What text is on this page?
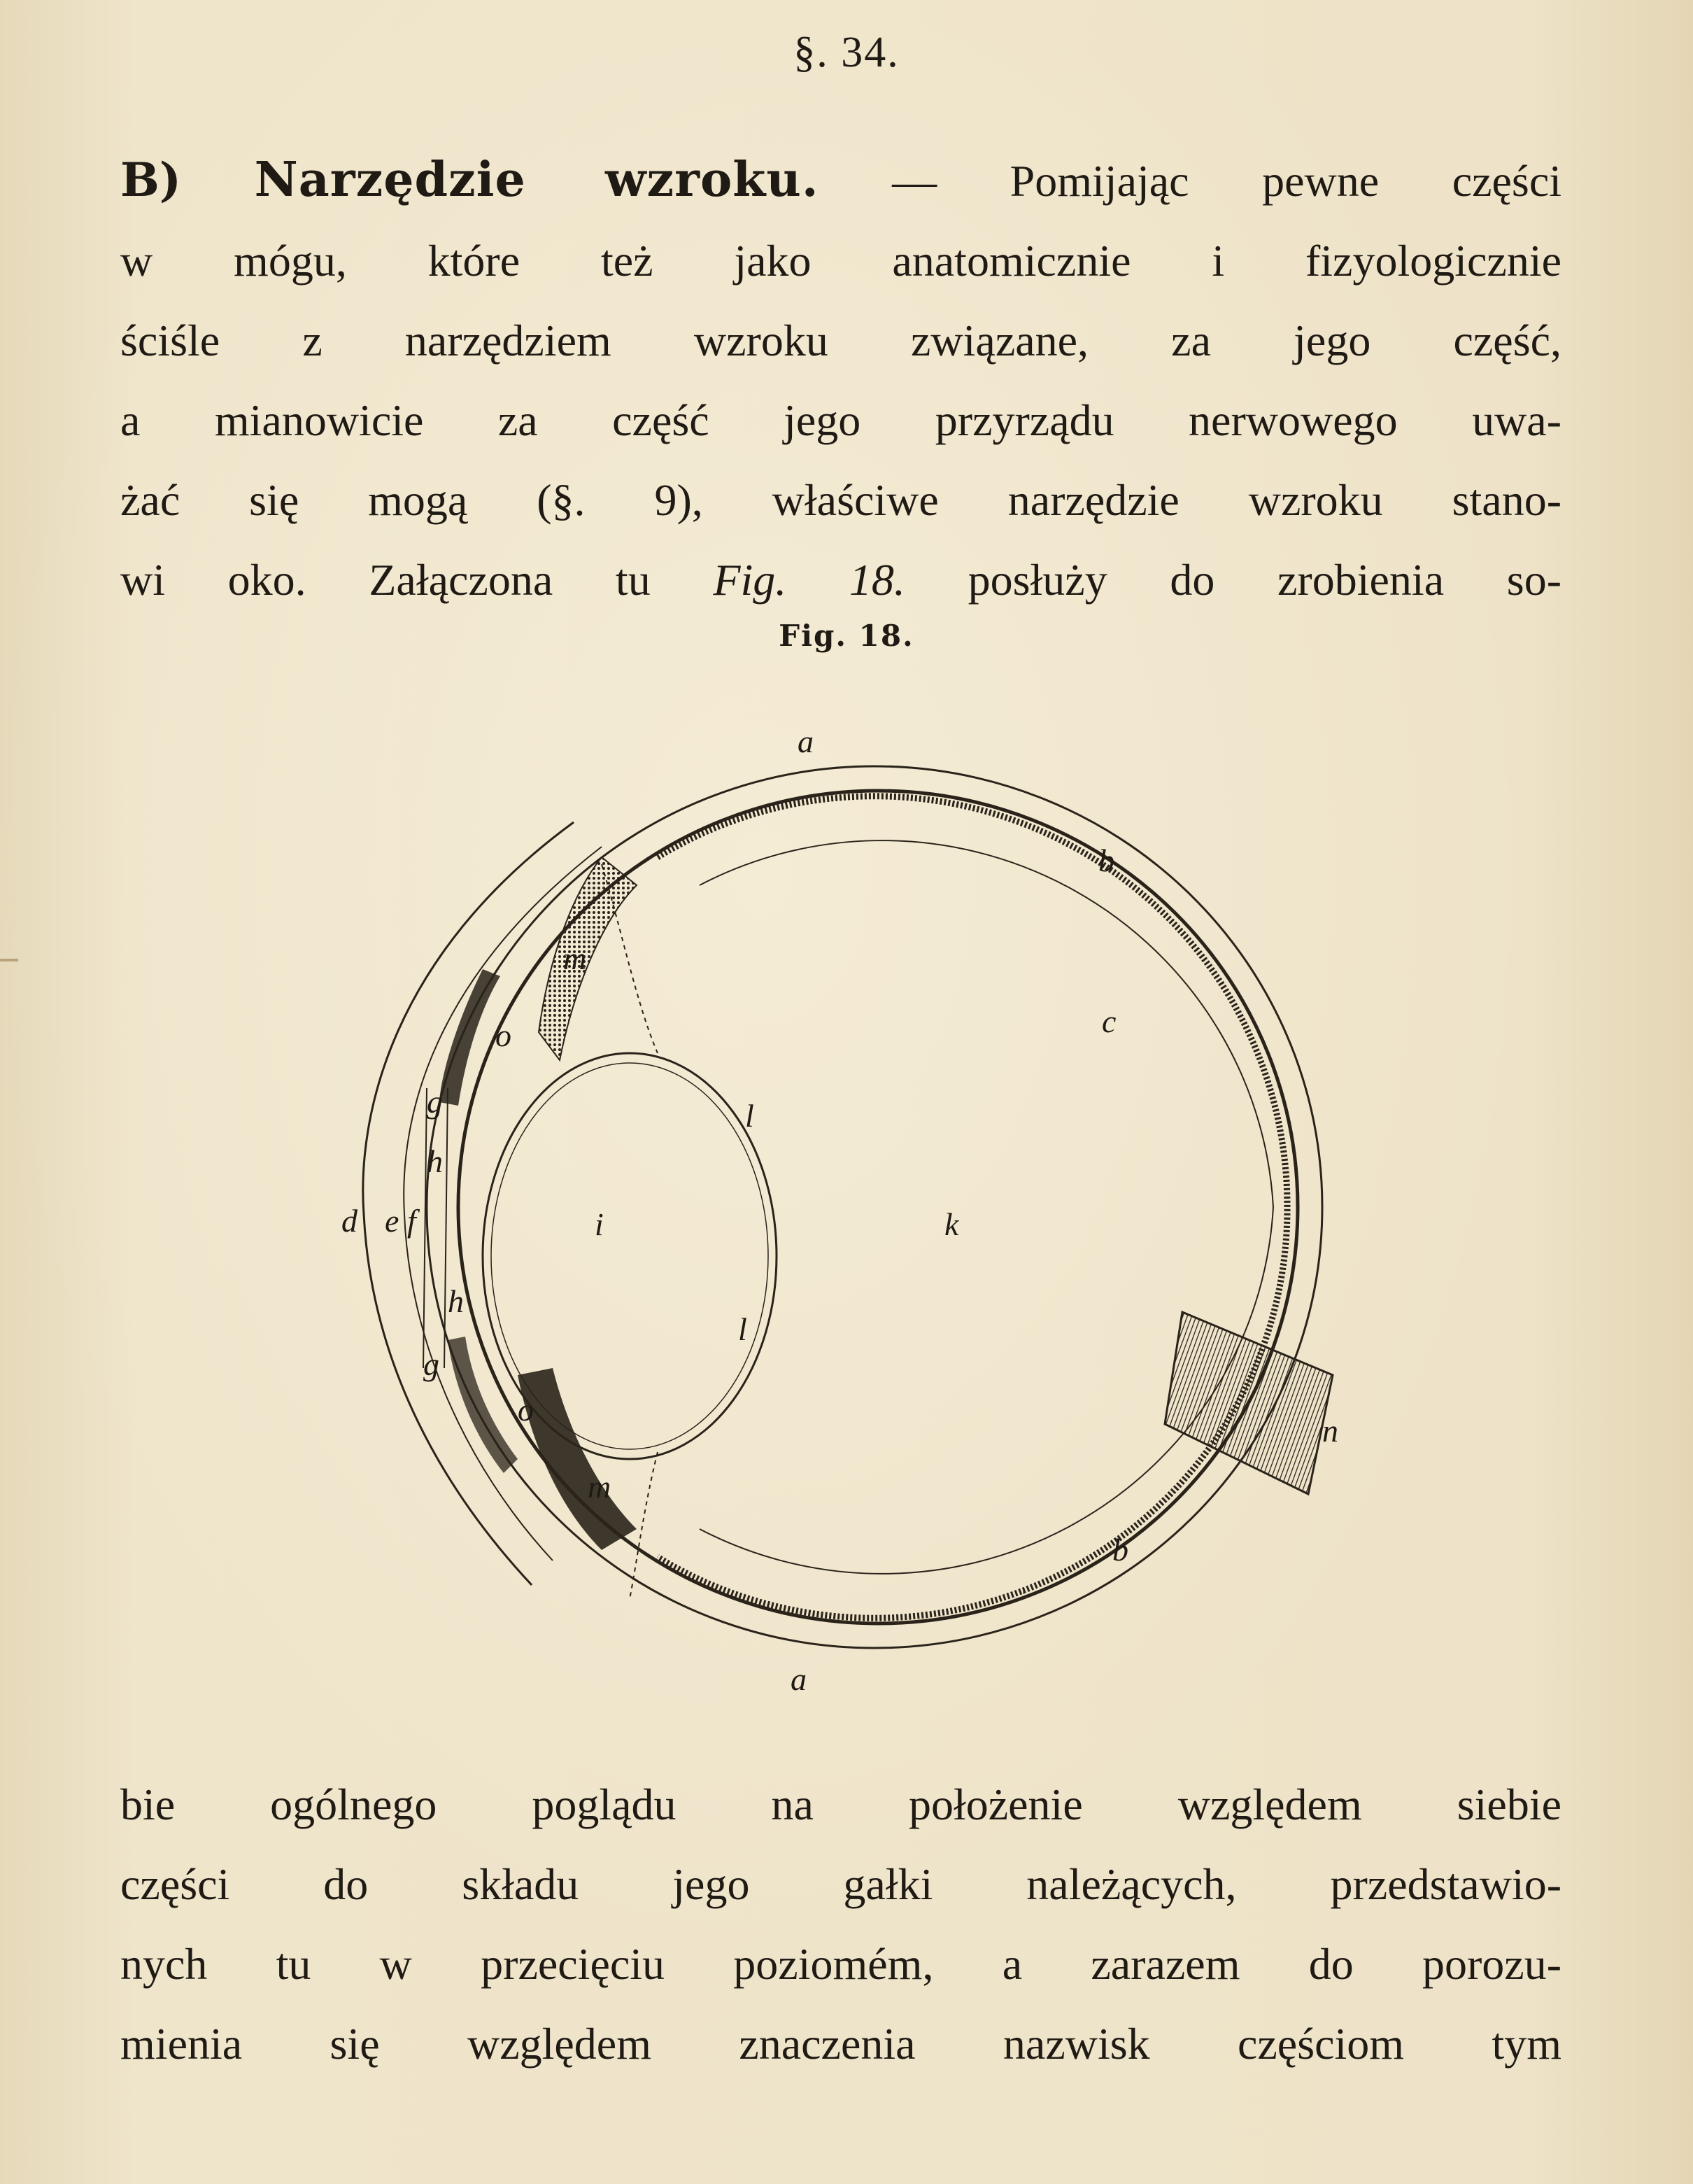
§. 34.
B) Narzędzie wzroku. — Pomijając pewne części
w mógu, które też jako anatomicznie i fizyologicznie
ściśle z narzędziem wzroku związane, za jego część,
a mianowicie za część jego przyrządu nerwowego uwa-
żać się mogą (§. 9), właściwe narzędzie wzroku stano-
wi oko. Załączona tu Fig. 18. posłuży do zrobienia so-
Fig. 18.
a
a
b
b
c
d e f
g
g
h
h
i	k
l
l
m
m
n
o
o
bie ogólnego poglądu na położenie względem siebie
części do składu jego gałki należących, przedstawio-
nych tu w przecięciu poziomém, a zarazem do porozu-
mienia się względem znaczenia nazwisk częściom tym
